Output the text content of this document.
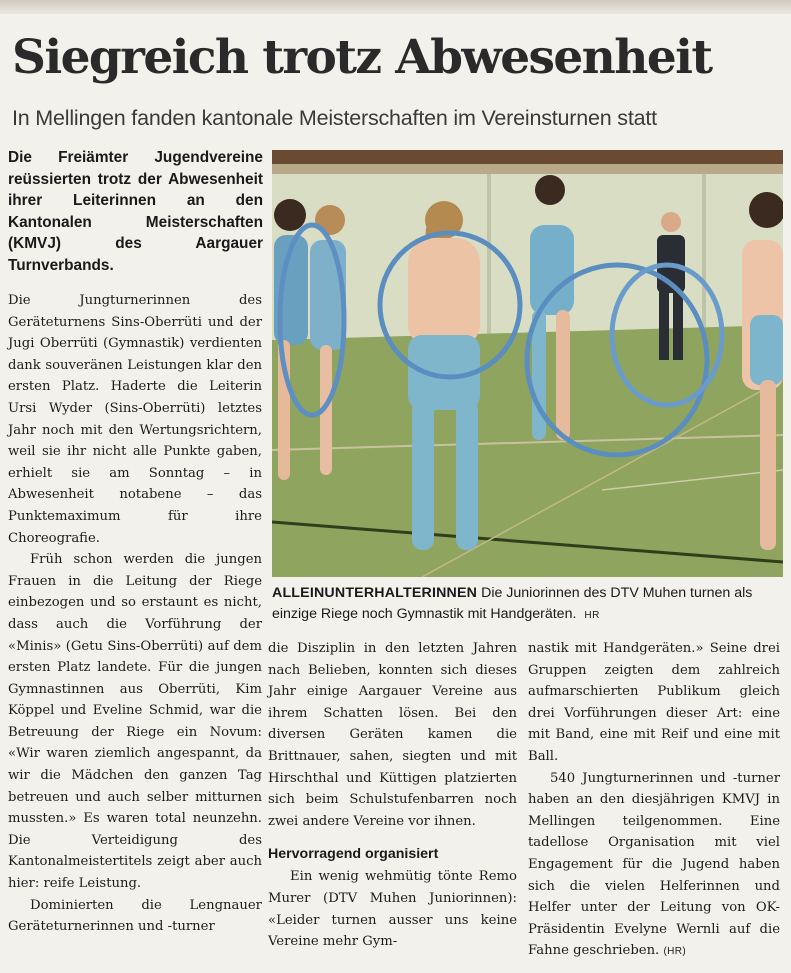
Siegreich trotz Abwesenheit
In Mellingen fanden kantonale Meisterschaften im Vereinsturnen statt
Die Freiämter Jugendvereine reüssierten trotz der Abwesenheit ihrer Leiterinnen an den Kantonalen Meisterschaften (KMVJ) des Aargauer Turnverbands.
ALLEINUNTERHALTERINNEN Die Juniorinnen des DTV Muhen turnen als einzige Riege noch Gymnastik mit Handgeräten. HR

Die Jungturnerinnen des Geräteturnens Sins-Oberrüti und der Jugi Oberrüti (Gymnastik) verdienten dank souveränen Leistungen klar den ersten Platz. Haderte die Leiterin Ursi Wyder (Sins-Oberrüti) letztes Jahr noch mit den Wertungsrichtern, weil sie ihr nicht alle Punkte gaben, erhielt sie am Sonntag – in Abwesenheit notabene – das Punktemaximum für ihre Choreografie.

Früh schon werden die jungen Frauen in die Leitung der Riege einbezogen und so erstaunt es nicht, dass auch die Vorführung der «Minis» (Getu Sins-Oberrüti) auf dem ersten Platz landete. Für die jungen Gymnastinnen aus Oberrüti, Kim Köppel und Eveline Schmid, war die Betreuung der Riege ein Novum: «Wir waren ziemlich angespannt, da wir die Mädchen den ganzen Tag betreuen und auch selber mitturnen mussten.» Es waren total neunzehn. Die Verteidigung des Kantonalmeistertitels zeigt aber auch hier: reife Leistung.

Dominierten die Lengnauer Geräteturnerinnen und -turner

die Disziplin in den letzten Jahren nach Belieben, konnten sich dieses Jahr einige Aargauer Vereine aus ihrem Schatten lösen. Bei den diversen Geräten kamen die Brittnauer, sahen, siegten und mit Hirschthal und Küttigen platzierten sich beim Schulstufenbarren noch zwei andere Vereine vor ihnen.

Hervorragend organisiert

Ein wenig wehmütig tönte Remo Murer (DTV Muhen Juniorinnen): «Leider turnen ausser uns keine Vereine mehr Gym-

nastik mit Handgeräten.» Seine drei Gruppen zeigten dem zahlreich aufmarschierten Publikum gleich drei Vorführungen dieser Art: eine mit Band, eine mit Reif und eine mit Ball.

540 Jungturnerinnen und -turner haben an den diesjährigen KMVJ in Mellingen teilgenommen. Eine tadellose Organisation mit viel Engagement für die Jugend haben sich die vielen Helferinnen und Helfer unter der Leitung von OK-Präsidentin Evelyne Wernli auf die Fahne geschrieben. (HR)
